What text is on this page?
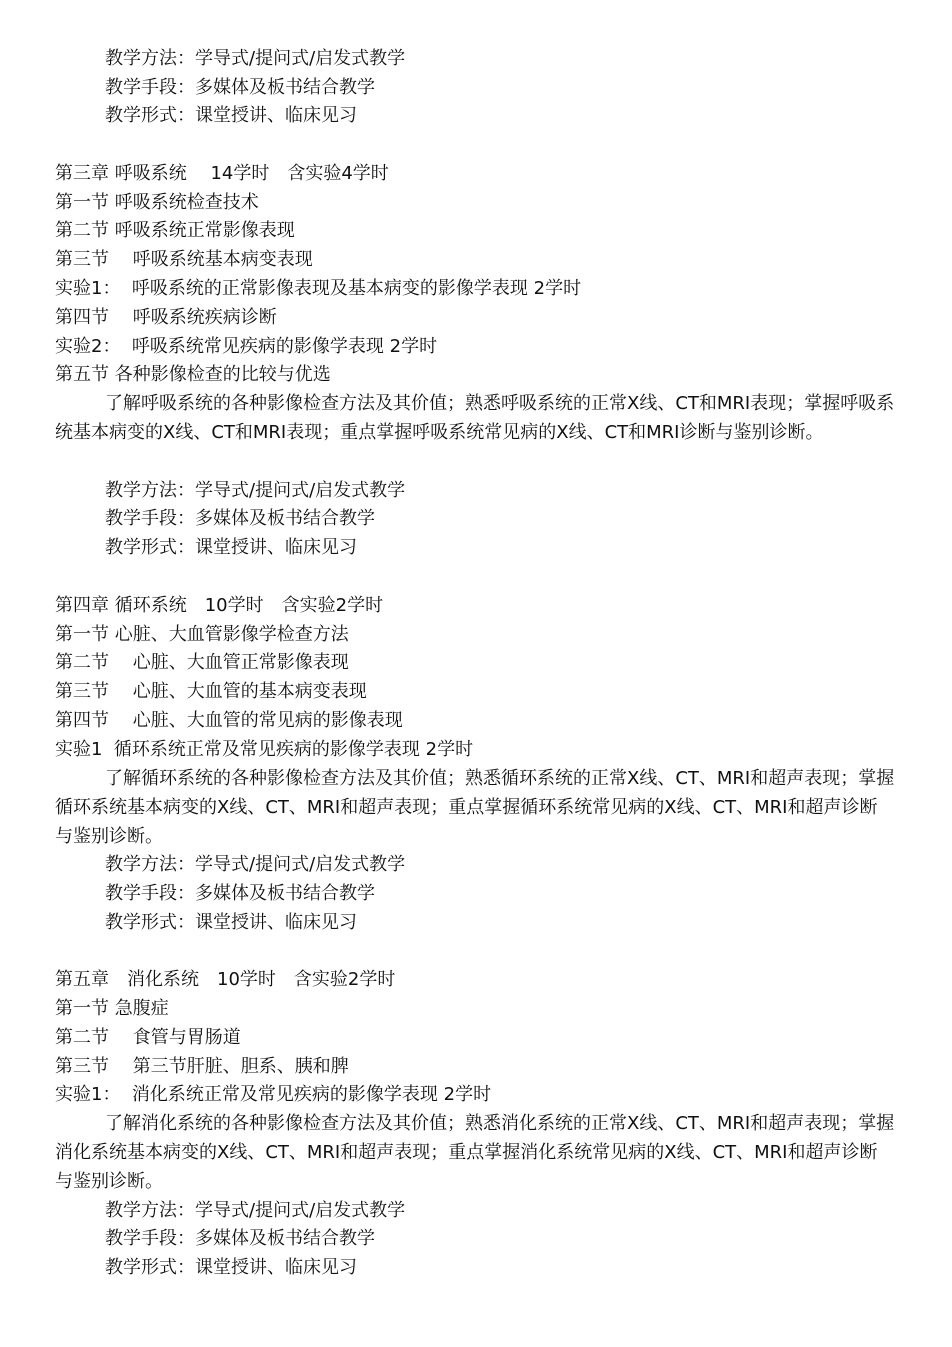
教学方法：学导式/提问式/启发式教学
教学手段：多媒体及板书结合教学
教学形式：课堂授讲、临床见习
第三章 呼吸系统　 14学时　含实验4学时
第一节 呼吸系统检查技术
第二节 呼吸系统正常影像表现
第三节　 呼吸系统基本病变表现
实验1：  呼吸系统的正常影像表现及基本病变的影像学表现 2学时
第四节　 呼吸系统疾病诊断
实验2：  呼吸系统常见疾病的影像学表现 2学时
第五节 各种影像检查的比较与优选
了解呼吸系统的各种影像检查方法及其价值；熟悉呼吸系统的正常X线、CT和MRI表现；掌握呼吸系统基本病变的X线、CT和MRI表现；重点掌握呼吸系统常见病的X线、CT和MRI诊断与鉴别诊断。
教学方法：学导式/提问式/启发式教学
教学手段：多媒体及板书结合教学
教学形式：课堂授讲、临床见习
第四章 循环系统　10学时　含实验2学时
第一节 心脏、大血管影像学检查方法
第二节　 心脏、大血管正常影像表现
第三节　 心脏、大血管的基本病变表现
第四节　 心脏、大血管的常见病的影像表现
实验1  循环系统正常及常见疾病的影像学表现 2学时
了解循环系统的各种影像检查方法及其价值；熟悉循环系统的正常X线、CT、MRI和超声表现；掌握循环系统基本病变的X线、CT、MRI和超声表现；重点掌握循环系统常见病的X线、CT、MRI和超声诊断与鉴别诊断。
教学方法：学导式/提问式/启发式教学
教学手段：多媒体及板书结合教学
教学形式：课堂授讲、临床见习
第五章　消化系统　10学时　含实验2学时
第一节 急腹症
第二节　 食管与胃肠道
第三节　 第三节肝脏、胆系、胰和脾
实验1：  消化系统正常及常见疾病的影像学表现 2学时
了解消化系统的各种影像检查方法及其价值；熟悉消化系统的正常X线、CT、MRI和超声表现；掌握消化系统基本病变的X线、CT、MRI和超声表现；重点掌握消化系统常见病的X线、CT、MRI和超声诊断与鉴别诊断。
教学方法：学导式/提问式/启发式教学
教学手段：多媒体及板书结合教学
教学形式：课堂授讲、临床见习
